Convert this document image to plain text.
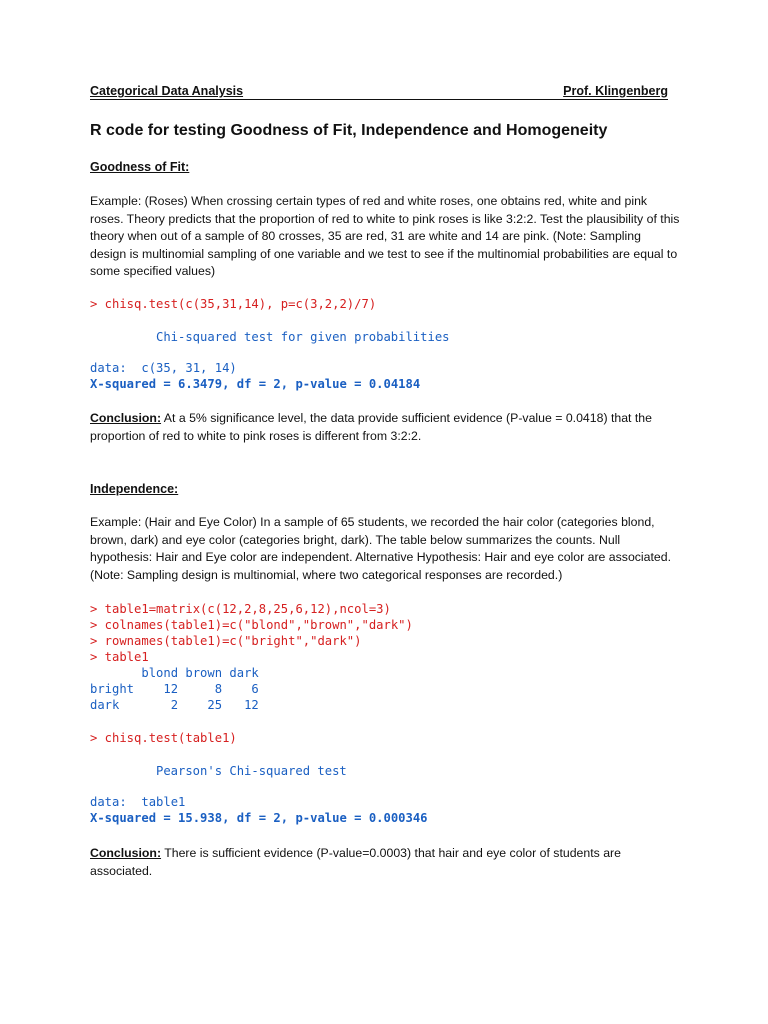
Categorical Data Analysis	Prof. Klingenberg
R code for testing Goodness of Fit, Independence and Homogeneity
Goodness of Fit:

Example: (Roses) When crossing certain types of red and white roses, one obtains red, white and pink roses. Theory predicts that the proportion of red to white to pink roses is like 3:2:2. Test the plausibility of this theory when out of a sample of 80 crosses, 35 are red, 31 are white and 14 are pink. (Note: Sampling design is multinomial sampling of one variable and we test to see if the multinomial probabilities are equal to some specified values)

> chisq.test(c(35,31,14), p=c(3,2,2)/7)
Chi-squared test for given probabilities
data:  c(35, 31, 14)
X-squared = 6.3479, df = 2, p-value = 0.04184

Conclusion: At a 5% significance level, the data provide sufficient evidence (P-value = 0.0418) that the proportion of red to white to pink roses is different from 3:2:2.

Independence:

Example: (Hair and Eye Color) In a sample of 65 students, we recorded the hair color (categories blond, brown, dark) and eye color (categories bright, dark). The table below summarizes the counts. Null hypothesis: Hair and Eye color are independent. Alternative Hypothesis: Hair and eye color are associated. (Note: Sampling design is multinomial, where two categorical responses are recorded.)

> table1=matrix(c(12,2,8,25,6,12),ncol=3)
> colnames(table1)=c("blond","brown","dark")
> rownames(table1)=c("bright","dark")
> table1
blond brown dark
bright    12     8    6
dark       2    25   12
> chisq.test(table1)
Pearson's Chi-squared test
data:  table1
X-squared = 15.938, df = 2, p-value = 0.000346

Conclusion: There is sufficient evidence (P-value=0.0003) that hair and eye color of students are associated.
